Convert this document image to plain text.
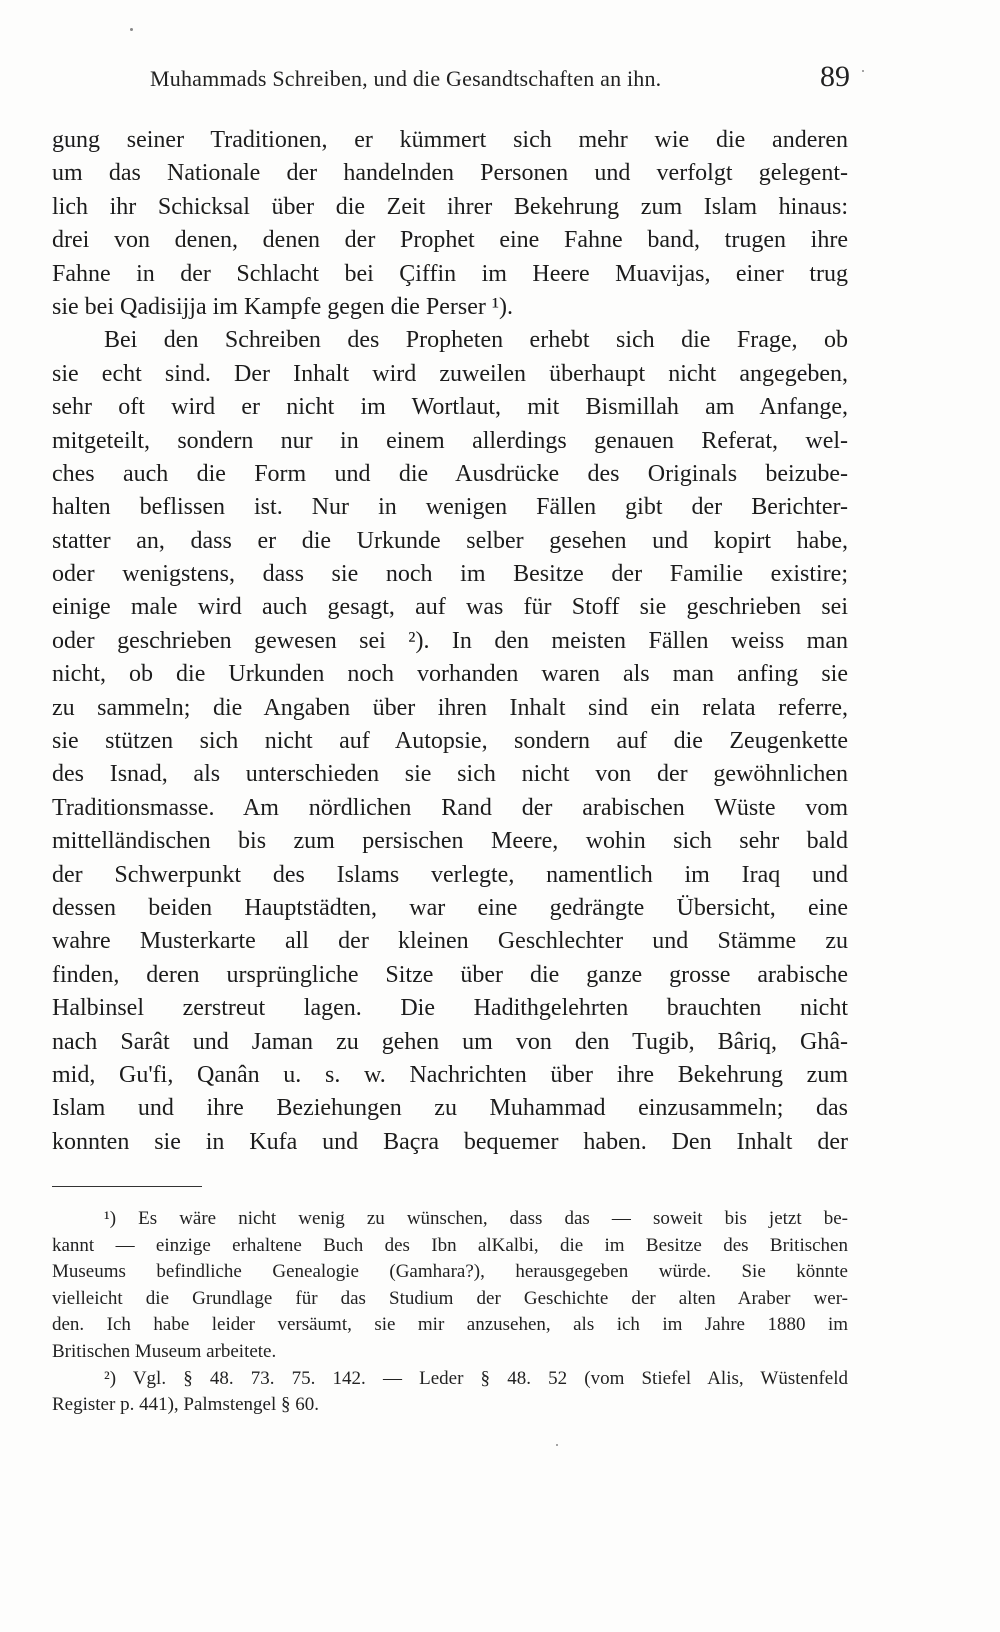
Muhammads Schreiben, und die Gesandtschaften an ihn.	89
gung seiner Traditionen, er kümmert sich mehr wie die anderen
um das Nationale der handelnden Personen und verfolgt gelegent-
lich ihr Schicksal über die Zeit ihrer Bekehrung zum Islam hinaus:
drei von denen, denen der Prophet eine Fahne band, trugen ihre
Fahne in der Schlacht bei Çiffin im Heere Muavijas, einer trug
sie bei Qadisijja im Kampfe gegen die Perser ¹).
Bei den Schreiben des Propheten erhebt sich die Frage, ob
sie echt sind. Der Inhalt wird zuweilen überhaupt nicht angegeben,
sehr oft wird er nicht im Wortlaut, mit Bismillah am Anfange,
mitgeteilt, sondern nur in einem allerdings genauen Referat, wel-
ches auch die Form und die Ausdrücke des Originals beizube-
halten beflissen ist. Nur in wenigen Fällen gibt der Berichter-
statter an, dass er die Urkunde selber gesehen und kopirt habe,
oder wenigstens, dass sie noch im Besitze der Familie existire;
einige male wird auch gesagt, auf was für Stoff sie geschrieben sei
oder geschrieben gewesen sei ²). In den meisten Fällen weiss man
nicht, ob die Urkunden noch vorhanden waren als man anfing sie
zu sammeln; die Angaben über ihren Inhalt sind ein relata referre,
sie stützen sich nicht auf Autopsie, sondern auf die Zeugenkette
des Isnad, als unterschieden sie sich nicht von der gewöhnlichen
Traditionsmasse. Am nördlichen Rand der arabischen Wüste vom
mittelländischen bis zum persischen Meere, wohin sich sehr bald
der Schwerpunkt des Islams verlegte, namentlich im Iraq und
dessen beiden Hauptstädten, war eine gedrängte Übersicht, eine
wahre Musterkarte all der kleinen Geschlechter und Stämme zu
finden, deren ursprüngliche Sitze über die ganze grosse arabische
Halbinsel zerstreut lagen. Die Hadithgelehrten brauchten nicht
nach Sarât und Jaman zu gehen um von den Tugib, Bâriq, Ghâ-
mid, Gu'fi, Qanân u. s. w. Nachrichten über ihre Bekehrung zum
Islam und ihre Beziehungen zu Muhammad einzusammeln; das
konnten sie in Kufa und Baçra bequemer haben. Den Inhalt der
¹) Es wäre nicht wenig zu wünschen, dass das — soweit bis jetzt be-
kannt — einzige erhaltene Buch des Ibn alKalbi, die im Besitze des Britischen
Museums befindliche Genealogie (Gamhara?), herausgegeben würde. Sie könnte
vielleicht die Grundlage für das Studium der Geschichte der alten Araber wer-
den. Ich habe leider versäumt, sie mir anzusehen, als ich im Jahre 1880 im
Britischen Museum arbeitete.
²) Vgl. § 48. 73. 75. 142. — Leder § 48. 52 (vom Stiefel Alis, Wüstenfeld
Register p. 441), Palmstengel § 60.
